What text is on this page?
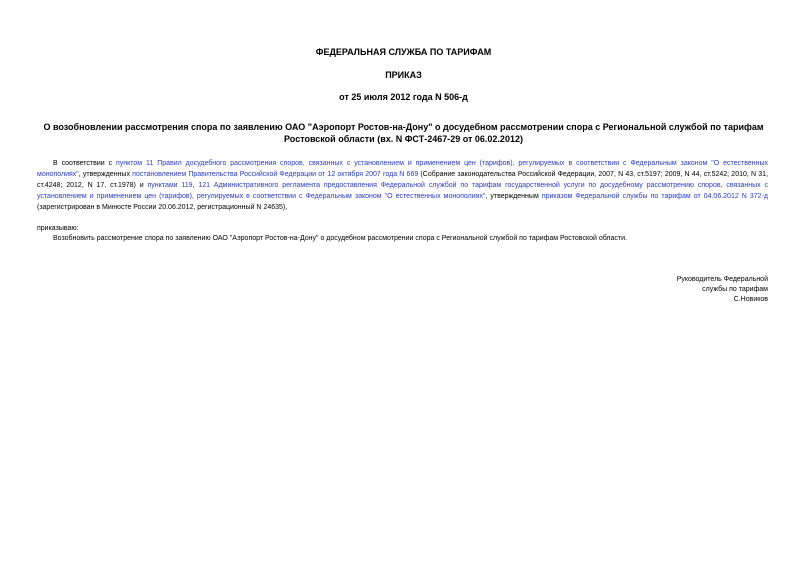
ФЕДЕРАЛЬНАЯ СЛУЖБА ПО ТАРИФАМ
ПРИКАЗ
от 25 июля 2012 года N 506-д
О возобновлении рассмотрения спора по заявлению ОАО "Аэропорт Ростов-на-Дону" о досудебном рассмотрении спора с Региональной службой по тарифам Ростовской области (вх. N ФСТ-2467-29 от 06.02.2012)
В соответствии с пунктом 11 Правил досудебного рассмотрения споров, связанных с установлением и применением цен (тарифов), регулируемых в соответствии с Федеральным законом "О естественных монополиях", утвержденных постановлением Правительства Российской Федерации от 12 октября 2007 года N 669 (Собрание законодательства Российской Федерации, 2007, N 43, ст.5197; 2009, N 44, ст.5242; 2010, N 31, ст.4248; 2012, N 17, ст.1978) и пунктами 119, 121 Административного регламента предоставления Федеральной службой по тарифам государственной услуги по досудебному рассмотрению споров, связанных с установлением и применением цен (тарифов), регулируемых в соответствии с Федеральным законом "О естественных монополиях", утвержденным приказом Федеральной службы по тарифам от 04.06.2012 N 372-д (зарегистрирован в Минюсте России 20.06.2012, регистрационный N 24635),
приказываю:
Возобновить рассмотрение спора по заявлению ОАО "Аэропорт Ростов-на-Дону" о досудебном рассмотрении спора с Региональной службой по тарифам Ростовской области.
Руководитель Федеральной
службы по тарифам
С.Новиков
